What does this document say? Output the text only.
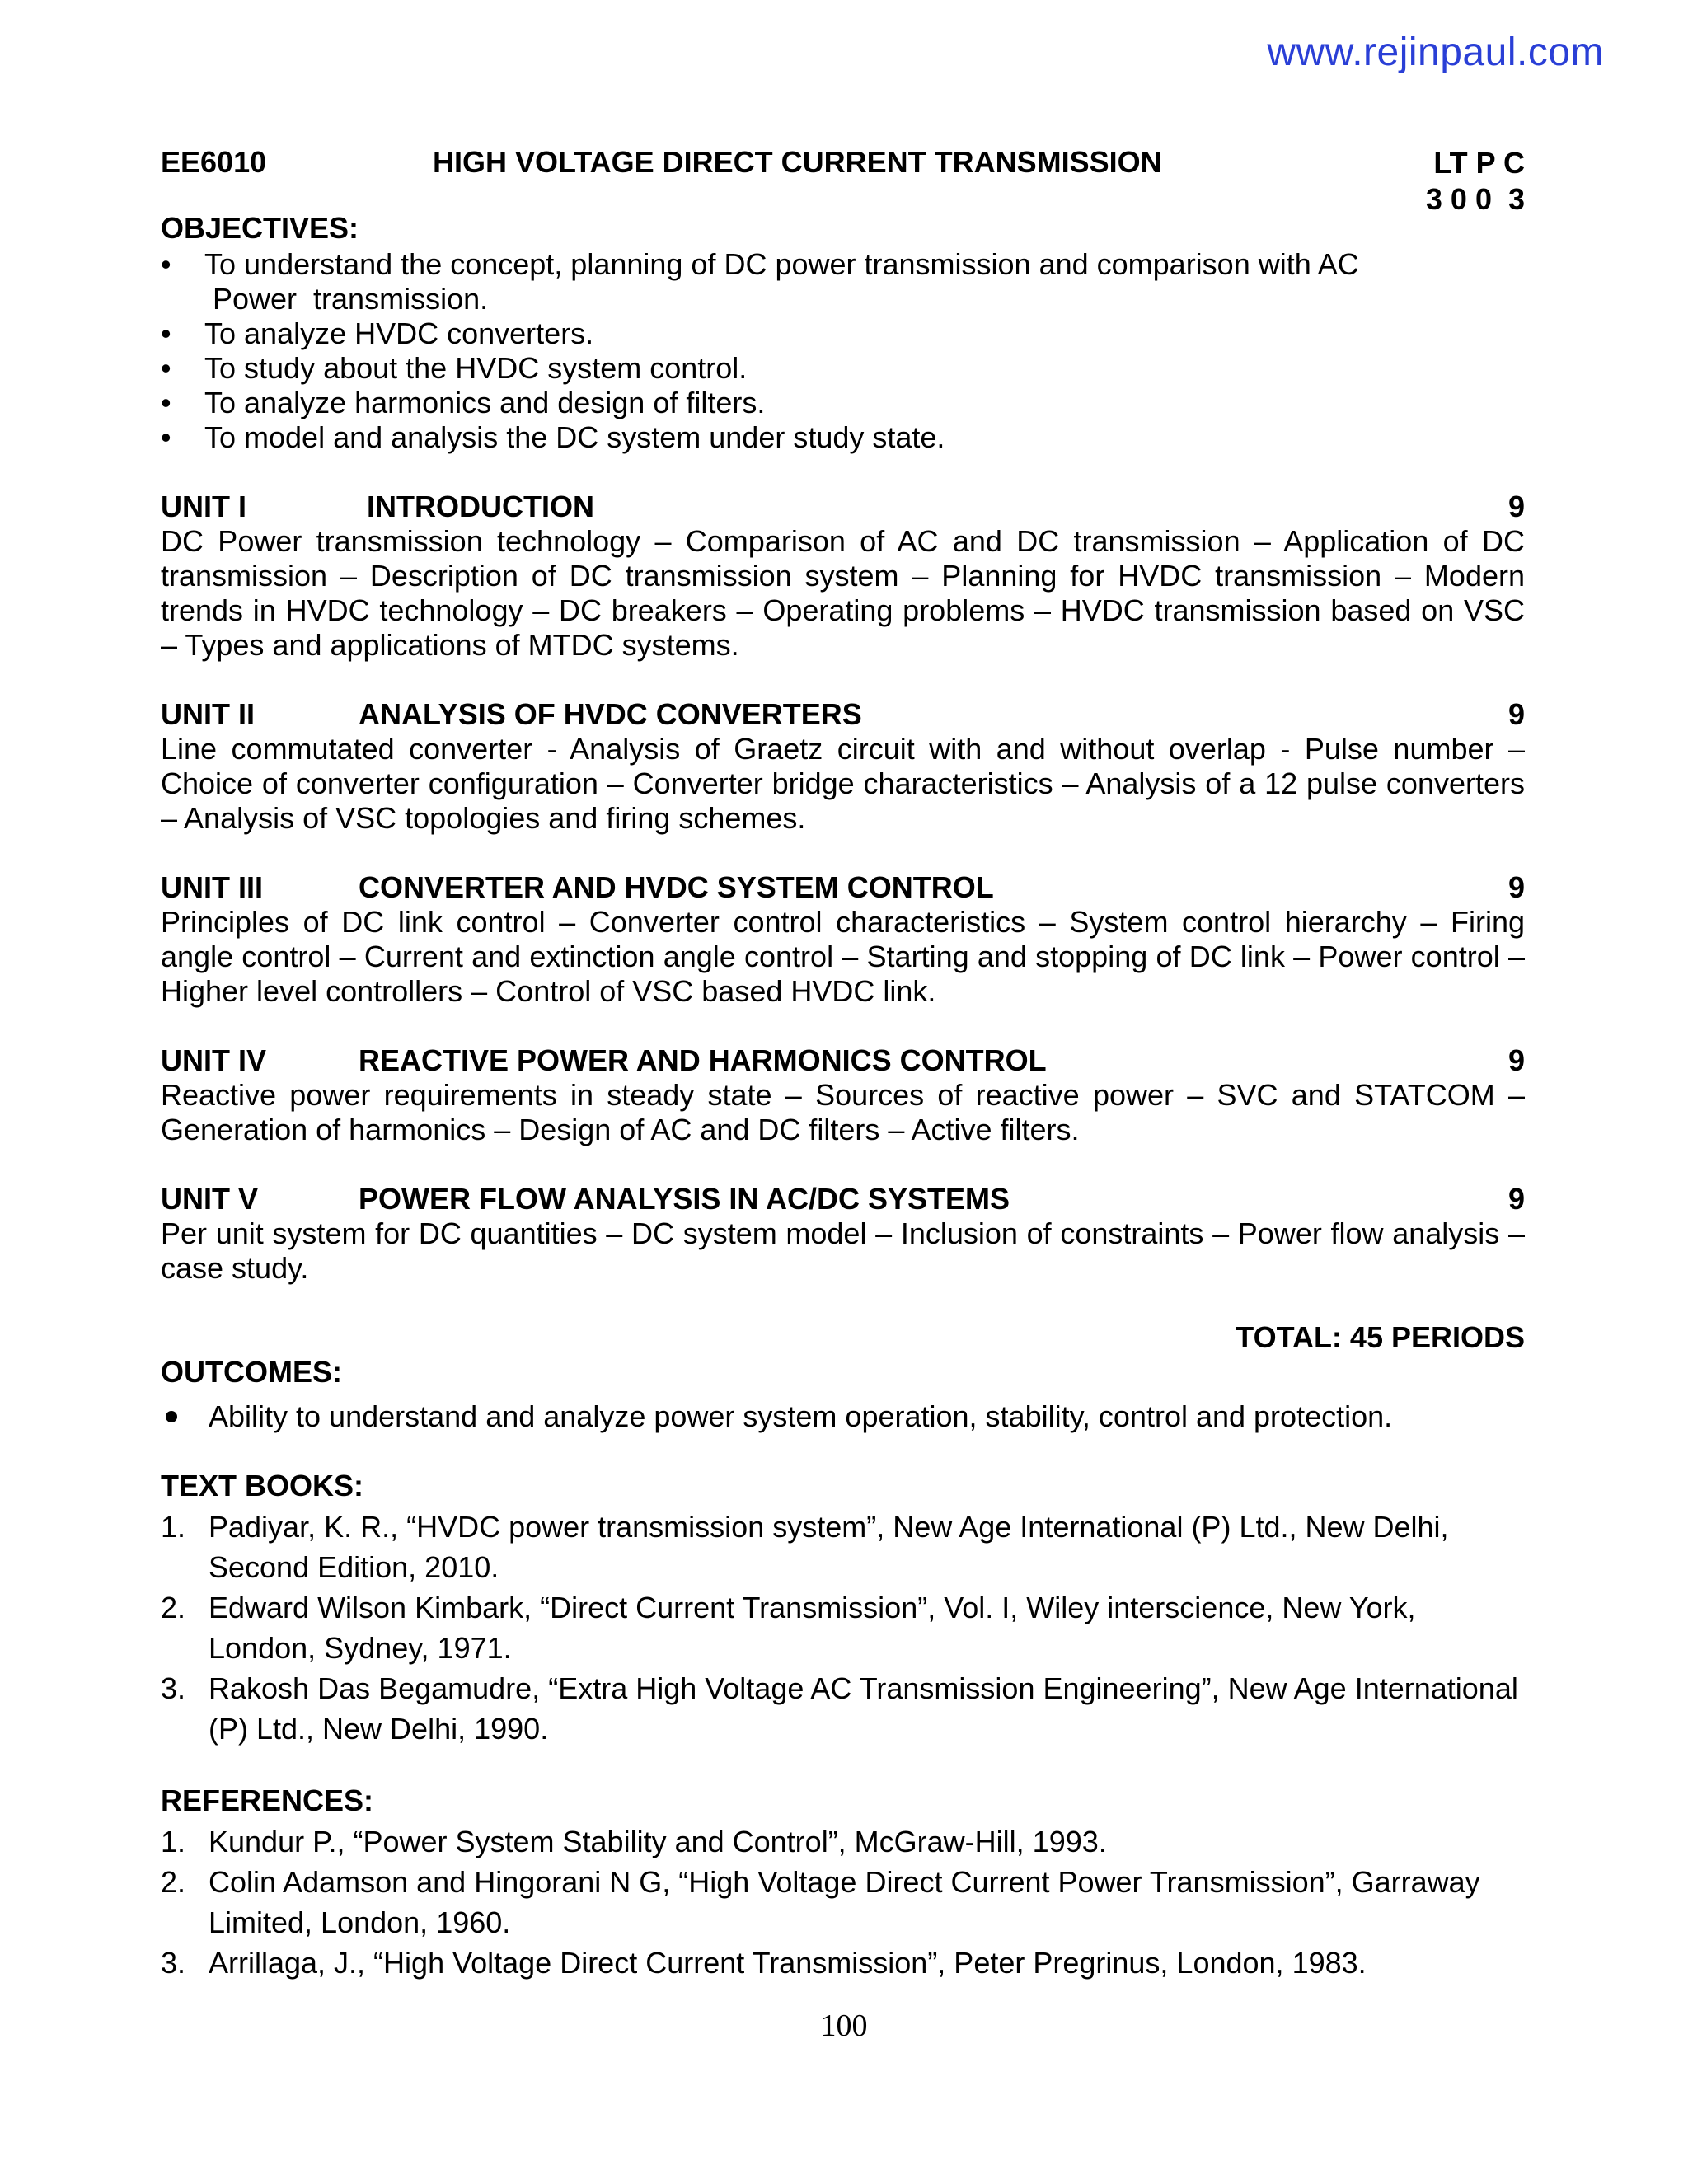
www.rejinpaul.com
EE6010	HIGH VOLTAGE DIRECT CURRENT TRANSMISSION	LT P C
3 0 0  3
OBJECTIVES:
•	To understand the concept, planning of DC power transmission and comparison with AC
Power  transmission.
•	To analyze HVDC converters.
•	To study about the HVDC system control.
•	To analyze harmonics and design of filters.
•	To model and analysis the DC system under study state.
UNIT I	INTRODUCTION	9
DC Power transmission technology – Comparison of AC and DC transmission – Application of DC transmission – Description of DC transmission system – Planning for HVDC transmission – Modern trends in HVDC technology – DC breakers – Operating problems – HVDC transmission based on VSC – Types and applications of MTDC systems.
UNIT II	ANALYSIS OF HVDC CONVERTERS	9
Line commutated converter - Analysis of Graetz circuit with and without overlap - Pulse number – Choice of converter configuration – Converter bridge characteristics – Analysis of a 12 pulse converters – Analysis of VSC topologies and firing schemes.
UNIT III	CONVERTER AND HVDC SYSTEM CONTROL	9
Principles of DC link control – Converter control characteristics – System control hierarchy – Firing angle control – Current and extinction angle control – Starting and stopping of DC link – Power control – Higher level controllers – Control of VSC based HVDC link.
UNIT IV	REACTIVE POWER AND HARMONICS CONTROL	9
Reactive power requirements in steady state – Sources of reactive power – SVC and STATCOM – Generation of harmonics – Design of AC and DC filters – Active filters.
UNIT V	POWER FLOW ANALYSIS IN AC/DC SYSTEMS	9
Per unit system for DC quantities – DC system model – Inclusion of constraints – Power flow analysis – case study.
TOTAL: 45 PERIODS
OUTCOMES:
Ability to understand and analyze power system operation, stability, control and protection.
TEXT BOOKS:
1. Padiyar, K. R., “HVDC power transmission system”, New Age International (P) Ltd., New Delhi, Second Edition, 2010.
2. Edward Wilson Kimbark, “Direct Current Transmission”, Vol. I, Wiley interscience, New York, London, Sydney, 1971.
3. Rakosh Das Begamudre, “Extra High Voltage AC Transmission Engineering”, New Age International (P) Ltd., New Delhi, 1990.
REFERENCES:
1. Kundur P., “Power System Stability and Control”, McGraw-Hill, 1993.
2. Colin Adamson and Hingorani N G, “High Voltage Direct Current Power Transmission”, Garraway Limited, London, 1960.
3. Arrillaga, J., “High Voltage Direct Current Transmission”, Peter Pregrinus, London, 1983.
100
